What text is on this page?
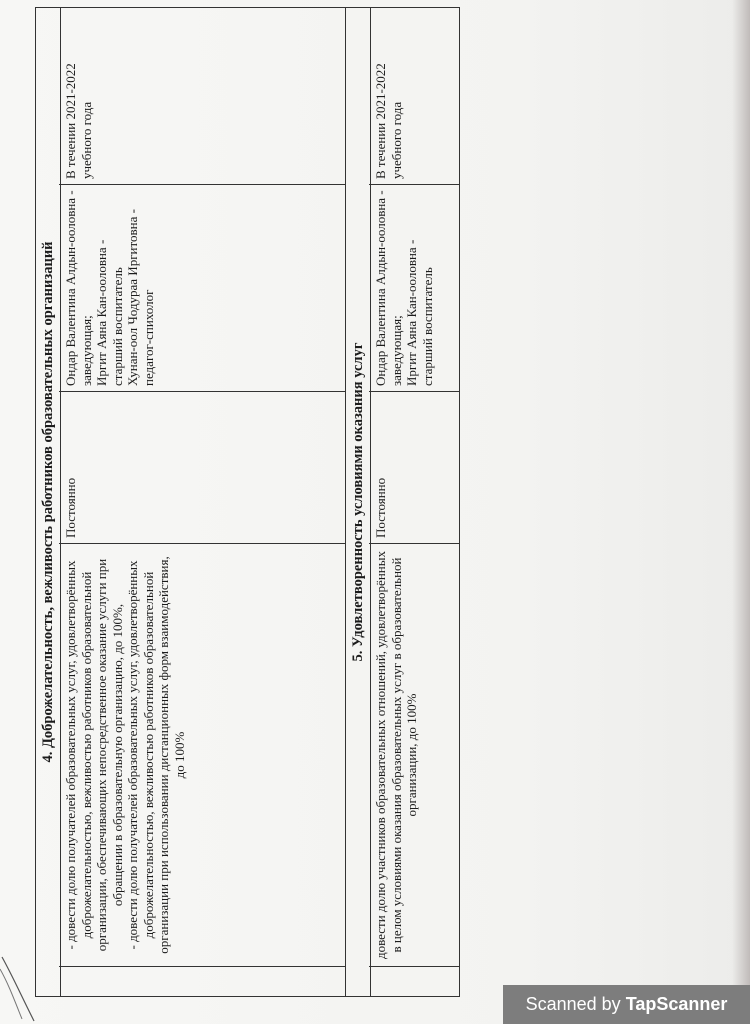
4. Доброжелательность, вежливость работников образовательных организаций
- довести долю получателей образовательных услуг, удовлетворённых доброжелательностью, вежливостью работников образовательной организации, обеспечивающих непосредственное оказание услуги при обращении в образовательную организацию, до 100%,
- довести долю получателей образовательных услуг, удовлетворённых доброжелательностью, вежливостью работников образовательной организации при использовании дистанционных форм взаимодействия, до 100%
Постоянно
Ондар Валентина Алдын-ооловна - заведующая;
Иргит Аяна Кан-ооловна - старший воспитатель
Хунан-оол Чодураа Иргитовна - педагог-спихолог
В течении 2021-2022 учебного года
5. Удовлетворенность условиями оказания услуг
довести долю участников образовательных отношений, удовлетворённых в целом условиями оказания образовательных услуг в образовательной организации, до 100%
Постоянно
Ондар Валентина Алдын-ооловна - заведующая;
Иргит Аяна Кан-ооловна - старший воспитатель
В течении 2021-2022 учебного года
Scanned by TapScanner
